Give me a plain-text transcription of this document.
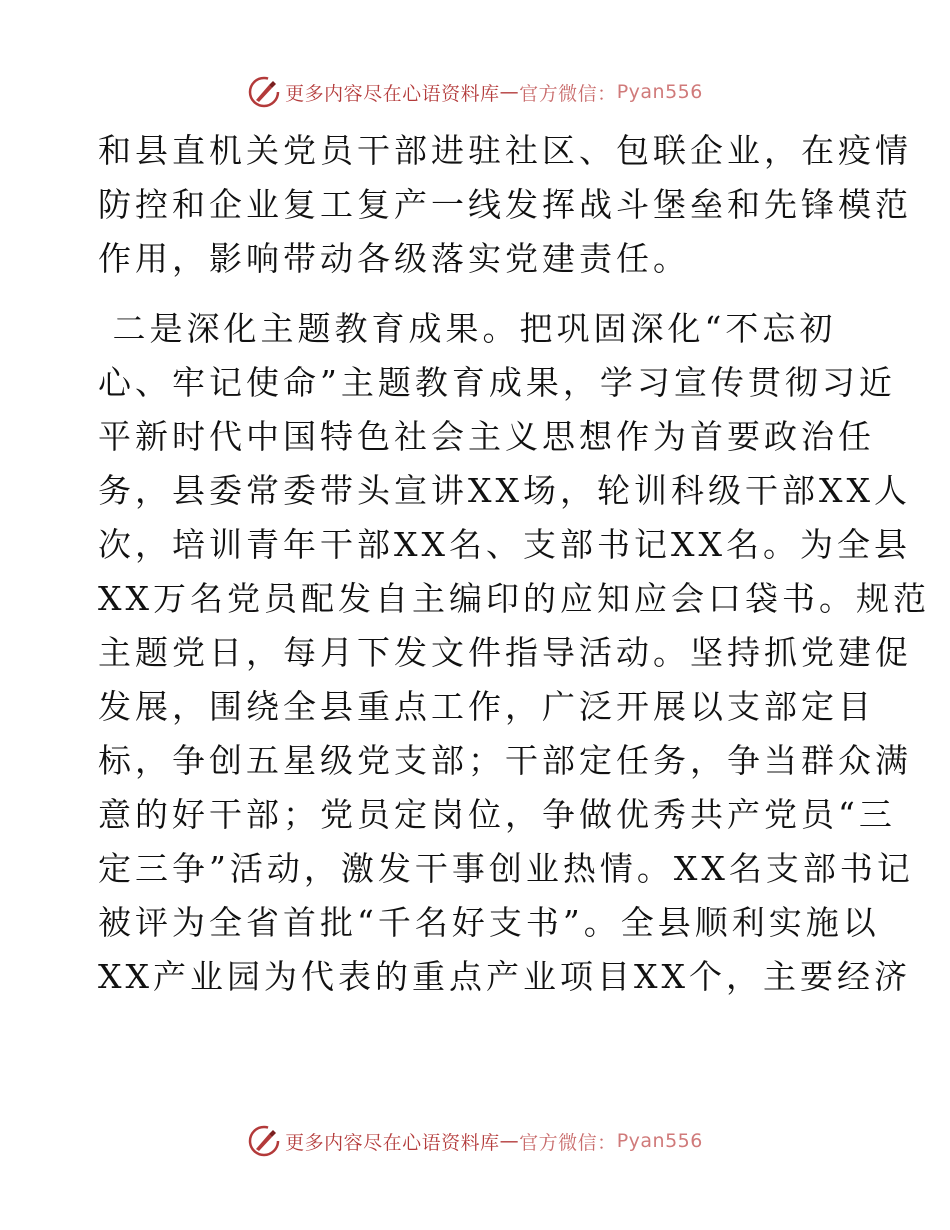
更多内容尽在心语资料库 — 官方微信： Pyan556
和县直机关党员干部进驻社区、包联企业，在疫情
防控和企业复工复产一线发挥战斗堡垒和先锋模范
作用，影响带动各级落实党建责任。
二是深化主题教育成果。把巩固深化“不忘初
心、牢记使命”主题教育成果，学习宣传贯彻习近
平新时代中国特色社会主义思想作为首要政治任
务，县委常委带头宣讲XX场，轮训科级干部XX人
次，培训青年干部XX名、支部书记XX名。为全县
XX万名党员配发自主编印的应知应会口袋书。规范
主题党日，每月下发文件指导活动。坚持抓党建促
发展，围绕全县重点工作，广泛开展以支部定目
标，争创五星级党支部；干部定任务，争当群众满
意的好干部；党员定岗位，争做优秀共产党员“三
定三争”活动，激发干事创业热情。XX名支部书记
被评为全省首批“千名好支书”。全县顺利实施以
XX产业园为代表的重点产业项目XX个，主要经济
更多内容尽在心语资料库 — 官方微信： Pyan556
